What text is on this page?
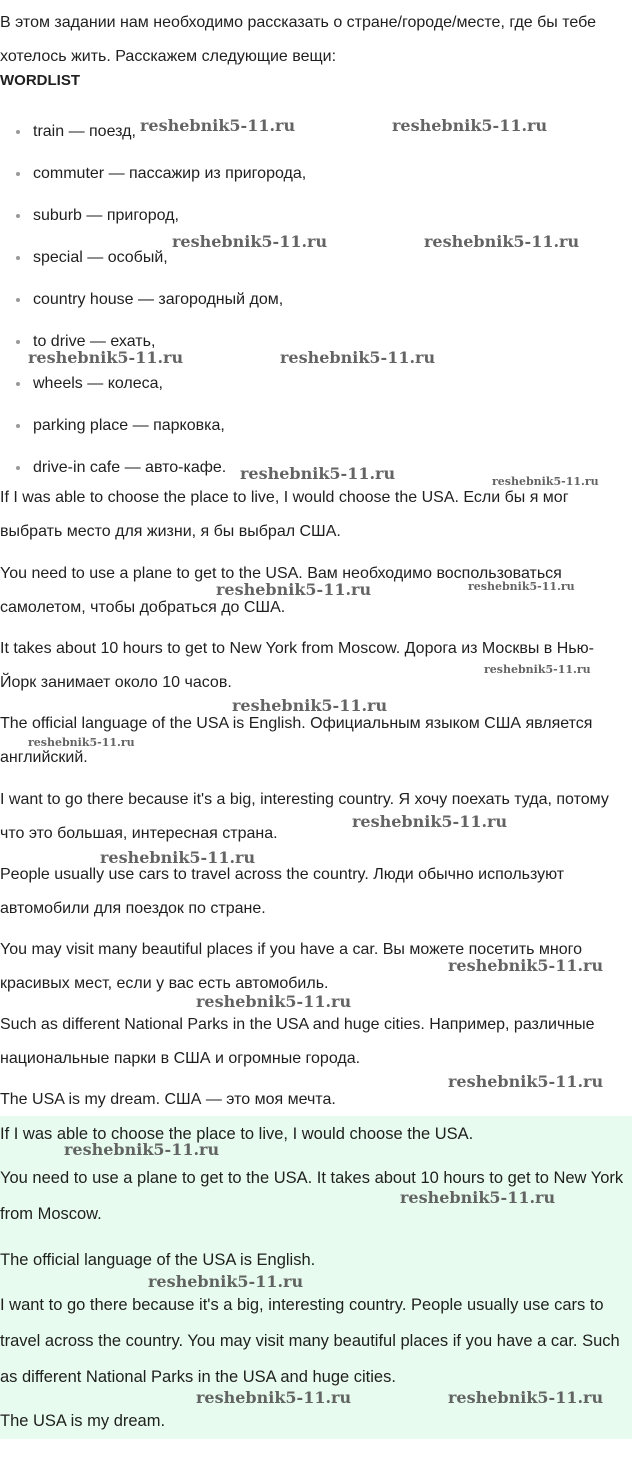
В этом задании нам необходимо рассказать о стране/городе/месте, где бы тебе хотелось жить. Расскажем следующие вещи:

WORDLIST

train — поезд,
commuter — пассажир из пригорода,
suburb — пригород,
special — особый,
country house — загородный дом,
to drive — ехать,
wheels — колеса,
parking place — парковка,
drive-in cafe — авто-кафе.

If I was able to choose the place to live, I would choose the USA. Если бы я мог выбрать место для жизни, я бы выбрал США.

You need to use a plane to get to the USA. Вам необходимо воспользоваться самолетом, чтобы добраться до США.

It takes about 10 hours to get to New York from Moscow. Дорога из Москвы в Нью-Йорк занимает около 10 часов.

The official language of the USA is English. Официальным языком США является английский.

I want to go there because it's a big, interesting country. Я хочу поехать туда, потому что это большая, интересная страна.

People usually use cars to travel across the country. Люди обычно используют автомобили для поездок по стране.

You may visit many beautiful places if you have a car. Вы можете посетить много красивых мест, если у вас есть автомобиль.

Such as different National Parks in the USA and huge cities. Например, различные национальные парки в США и огромные города.

The USA is my dream. США — это моя мечта.

If I was able to choose the place to live, I would choose the USA.

You need to use a plane to get to the USA. It takes about 10 hours to get to New York from Moscow.

The official language of the USA is English.

I want to go there because it's a big, interesting country. People usually use cars to travel across the country. You may visit many beautiful places if you have a car. Such as different National Parks in the USA and huge cities.

The USA is my dream.

reshebnik5-11.ru	reshebnik5-11.ru
reshebnik5-11.ru	reshebnik5-11.ru
reshebnik5-11.ru	reshebnik5-11.ru
reshebnik5-11.ru	reshebnik5-11.ru
reshebnik5-11.ru	reshebnik5-11.ru
reshebnik5-11.ru
reshebnik5-11.ru
reshebnik5-11.ru
reshebnik5-11.ru
reshebnik5-11.ru
reshebnik5-11.ru
reshebnik5-11.ru
reshebnik5-11.ru
reshebnik5-11.ru
reshebnik5-11.ru
reshebnik5-11.ru
reshebnik5-11.ru	reshebnik5-11.ru
